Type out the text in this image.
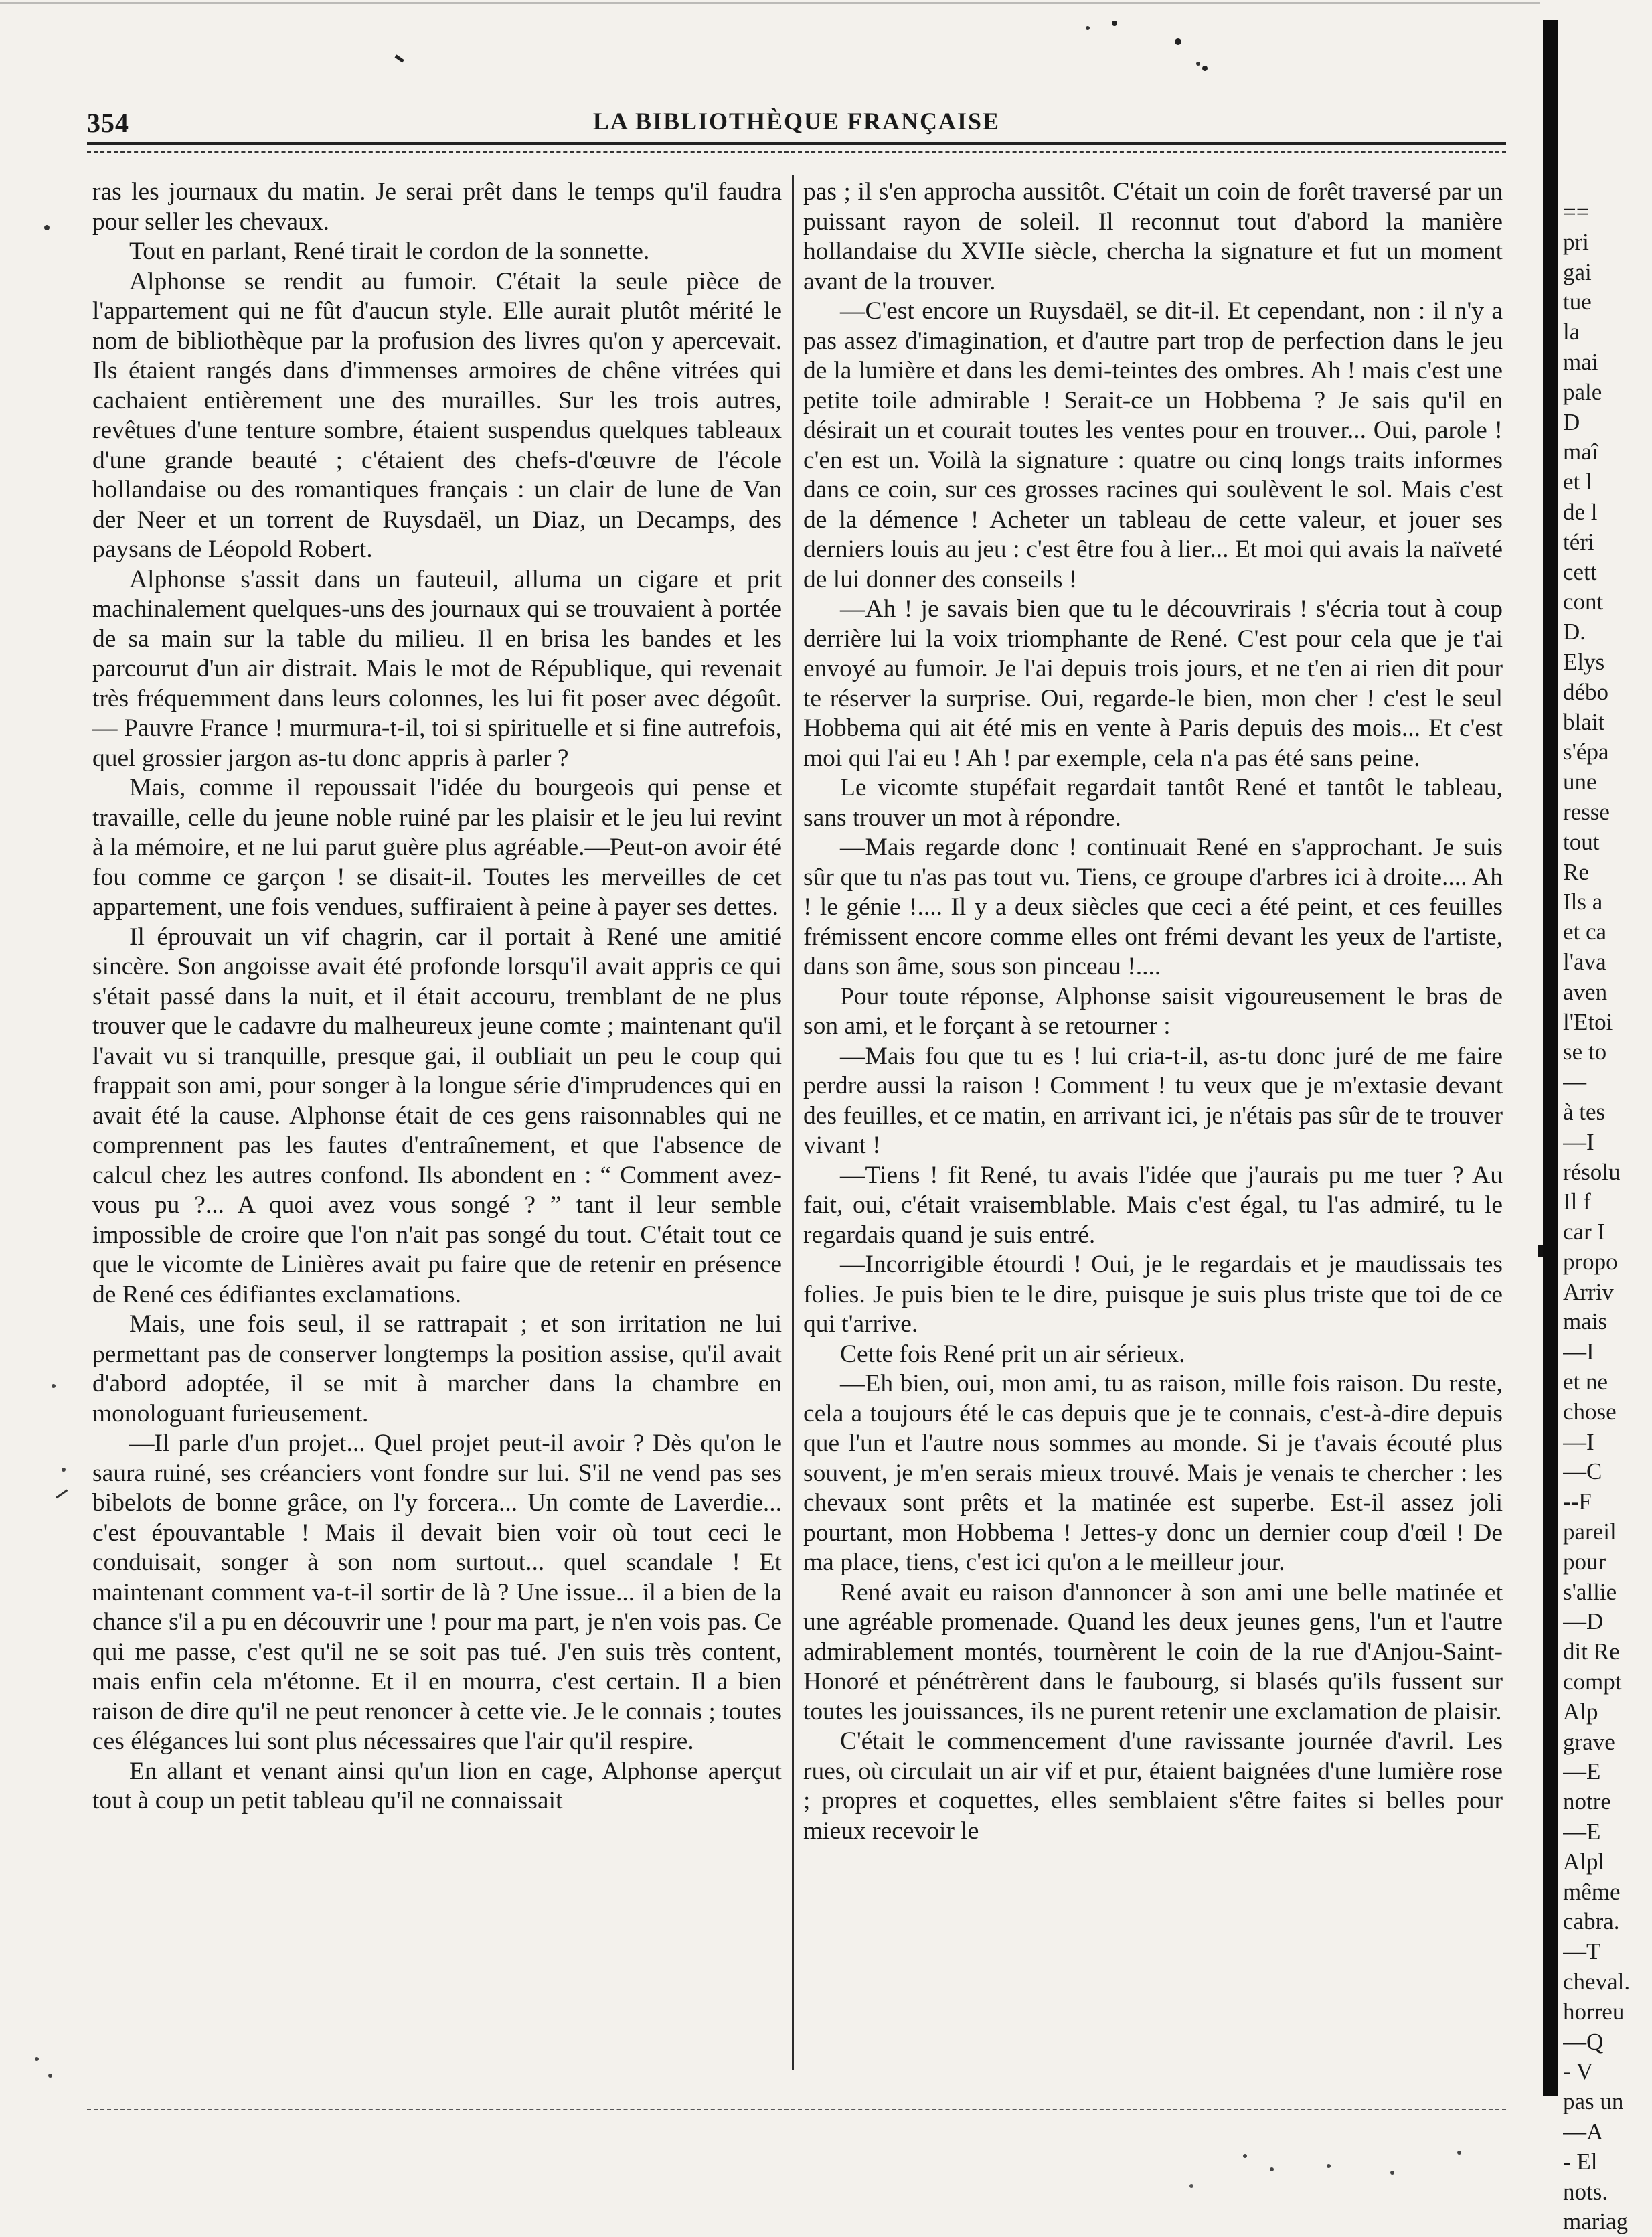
354	LA BIBLIOTHÈQUE FRANÇAISE

ras les journaux du matin. Je serai prêt dans le temps qu'il faudra pour seller les chevaux.

Tout en parlant, René tirait le cordon de la sonnette.

Alphonse se rendit au fumoir. C'était la seule pièce de l'appartement qui ne fût d'aucun style. Elle aurait plutôt mérité le nom de bibliothèque par la profusion des livres qu'on y apercevait. Ils étaient rangés dans d'immenses armoires de chêne vitrées qui cachaient entièrement une des murailles. Sur les trois autres, revêtues d'une tenture sombre, étaient suspendus quelques tableaux d'une grande beauté ; c'étaient des chefs-d'œuvre de l'école hollandaise ou des romantiques français : un clair de lune de Van der Neer et un torrent de Ruysdaël, un Diaz, un Decamps, des paysans de Léopold Robert.

Alphonse s'assit dans un fauteuil, alluma un cigare et prit machinalement quelques-uns des journaux qui se trouvaient à portée de sa main sur la table du milieu. Il en brisa les bandes et les parcourut d'un air distrait. Mais le mot de République, qui revenait très fréquemment dans leurs colonnes, les lui fit poser avec dégoût.— Pauvre France ! murmura-t-il, toi si spirituelle et si fine autrefois, quel grossier jargon as-tu donc appris à parler ?

Mais, comme il repoussait l'idée du bourgeois qui pense et travaille, celle du jeune noble ruiné par les plaisir et le jeu lui revint à la mémoire, et ne lui parut guère plus agréable.—Peut-on avoir été fou comme ce garçon ! se disait-il. Toutes les merveilles de cet appartement, une fois vendues, suffiraient à peine à payer ses dettes.

Il éprouvait un vif chagrin, car il portait à René une amitié sincère. Son angoisse avait été profonde lorsqu'il avait appris ce qui s'était passé dans la nuit, et il était accouru, tremblant de ne plus trouver que le cadavre du malheureux jeune comte ; maintenant qu'il l'avait vu si tranquille, presque gai, il oubliait un peu le coup qui frappait son ami, pour songer à la longue série d'imprudences qui en avait été la cause. Alphonse était de ces gens raisonnables qui ne comprennent pas les fautes d'entraînement, et que l'absence de calcul chez les autres confond. Ils abondent en : “ Comment avez-vous pu ?... A quoi avez vous songé ? ” tant il leur semble impossible de croire que l'on n'ait pas songé du tout. C'était tout ce que le vicomte de Linières avait pu faire que de retenir en présence de René ces édifiantes exclamations.

Mais, une fois seul, il se rattrapait ; et son irritation ne lui permettant pas de conserver longtemps la position assise, qu'il avait d'abord adoptée, il se mit à marcher dans la chambre en monologuant furieusement.

—Il parle d'un projet... Quel projet peut-il avoir ? Dès qu'on le saura ruiné, ses créanciers vont fondre sur lui. S'il ne vend pas ses bibelots de bonne grâce, on l'y forcera... Un comte de Laverdie... c'est épouvantable ! Mais il devait bien voir où tout ceci le conduisait, songer à son nom surtout... quel scandale ! Et maintenant comment va-t-il sortir de là ? Une issue... il a bien de la chance s'il a pu en découvrir une ! pour ma part, je n'en vois pas. Ce qui me passe, c'est qu'il ne se soit pas tué. J'en suis très content, mais enfin cela m'étonne. Et il en mourra, c'est certain. Il a bien raison de dire qu'il ne peut renoncer à cette vie. Je le connais ; toutes ces élégances lui sont plus nécessaires que l'air qu'il respire.

En allant et venant ainsi qu'un lion en cage, Alphonse aperçut tout à coup un petit tableau qu'il ne connaissait

pas ; il s'en approcha aussitôt. C'était un coin de forêt traversé par un puissant rayon de soleil. Il reconnut tout d'abord la manière hollandaise du XVIIe siècle, chercha la signature et fut un moment avant de la trouver.

—C'est encore un Ruysdaël, se dit-il. Et cependant, non : il n'y a pas assez d'imagination, et d'autre part trop de perfection dans le jeu de la lumière et dans les demi-teintes des ombres. Ah ! mais c'est une petite toile admirable ! Serait-ce un Hobbema ? Je sais qu'il en désirait un et courait toutes les ventes pour en trouver... Oui, parole ! c'en est un. Voilà la signature : quatre ou cinq longs traits informes dans ce coin, sur ces grosses racines qui soulèvent le sol. Mais c'est de la démence ! Acheter un tableau de cette valeur, et jouer ses derniers louis au jeu : c'est être fou à lier... Et moi qui avais la naïveté de lui donner des conseils !

—Ah ! je savais bien que tu le découvrirais ! s'écria tout à coup derrière lui la voix triomphante de René. C'est pour cela que je t'ai envoyé au fumoir. Je l'ai depuis trois jours, et ne t'en ai rien dit pour te réserver la surprise. Oui, regarde-le bien, mon cher ! c'est le seul Hobbema qui ait été mis en vente à Paris depuis des mois... Et c'est moi qui l'ai eu ! Ah ! par exemple, cela n'a pas été sans peine.

Le vicomte stupéfait regardait tantôt René et tantôt le tableau, sans trouver un mot à répondre.

—Mais regarde donc ! continuait René en s'approchant. Je suis sûr que tu n'as pas tout vu. Tiens, ce groupe d'arbres ici à droite.... Ah ! le génie !.... Il y a deux siècles que ceci a été peint, et ces feuilles frémissent encore comme elles ont frémi devant les yeux de l'artiste, dans son âme, sous son pinceau !....

Pour toute réponse, Alphonse saisit vigoureusement le bras de son ami, et le forçant à se retourner :

—Mais fou que tu es ! lui cria-t-il, as-tu donc juré de me faire perdre aussi la raison ! Comment ! tu veux que je m'extasie devant des feuilles, et ce matin, en arrivant ici, je n'étais pas sûr de te trouver vivant !

—Tiens ! fit René, tu avais l'idée que j'aurais pu me tuer ? Au fait, oui, c'était vraisemblable. Mais c'est égal, tu l'as admiré, tu le regardais quand je suis entré.

—Incorrigible étourdi ! Oui, je le regardais et je maudissais tes folies. Je puis bien te le dire, puisque je suis plus triste que toi de ce qui t'arrive.

Cette fois René prit un air sérieux.

—Eh bien, oui, mon ami, tu as raison, mille fois raison. Du reste, cela a toujours été le cas depuis que je te connais, c'est-à-dire depuis que l'un et l'autre nous sommes au monde. Si je t'avais écouté plus souvent, je m'en serais mieux trouvé. Mais je venais te chercher : les chevaux sont prêts et la matinée est superbe. Est-il assez joli pourtant, mon Hobbema ! Jettes-y donc un dernier coup d'œil ! De ma place, tiens, c'est ici qu'on a le meilleur jour.

René avait eu raison d'annoncer à son ami une belle matinée et une agréable promenade. Quand les deux jeunes gens, l'un et l'autre admirablement montés, tournèrent le coin de la rue d'Anjou-Saint-Honoré et pénétrèrent dans le faubourg, si blasés qu'ils fussent sur toutes les jouissances, ils ne purent retenir une exclamation de plaisir.

C'était le commencement d'une ravissante journée d'avril. Les rues, où circulait un air vif et pur, étaient baignées d'une lumière rose ; propres et coquettes, elles semblaient s'être faites si belles pour mieux recevoir le

==
pri
gai
tue
la
mai
pale
D
maî
et l
de l
téri
cett
cont
D.
Elys
débo
blait
s'épa
une
resse
tout
Re
Ils a
et ca
l'ava
aven
l'Etoi
se to
—
à tes
—I
résolu
Il f
car I
propo
Arriv
mais
—I
et ne
chose
—I
—C
--F
pareil
pour
s'allie
—D
dit Re
compt
Alp
grave
—E
notre
—E
Alpl
même
cabra.
—T
cheval.
horreu
—Q
- V
pas un
—A
- El
nots.
mariag
